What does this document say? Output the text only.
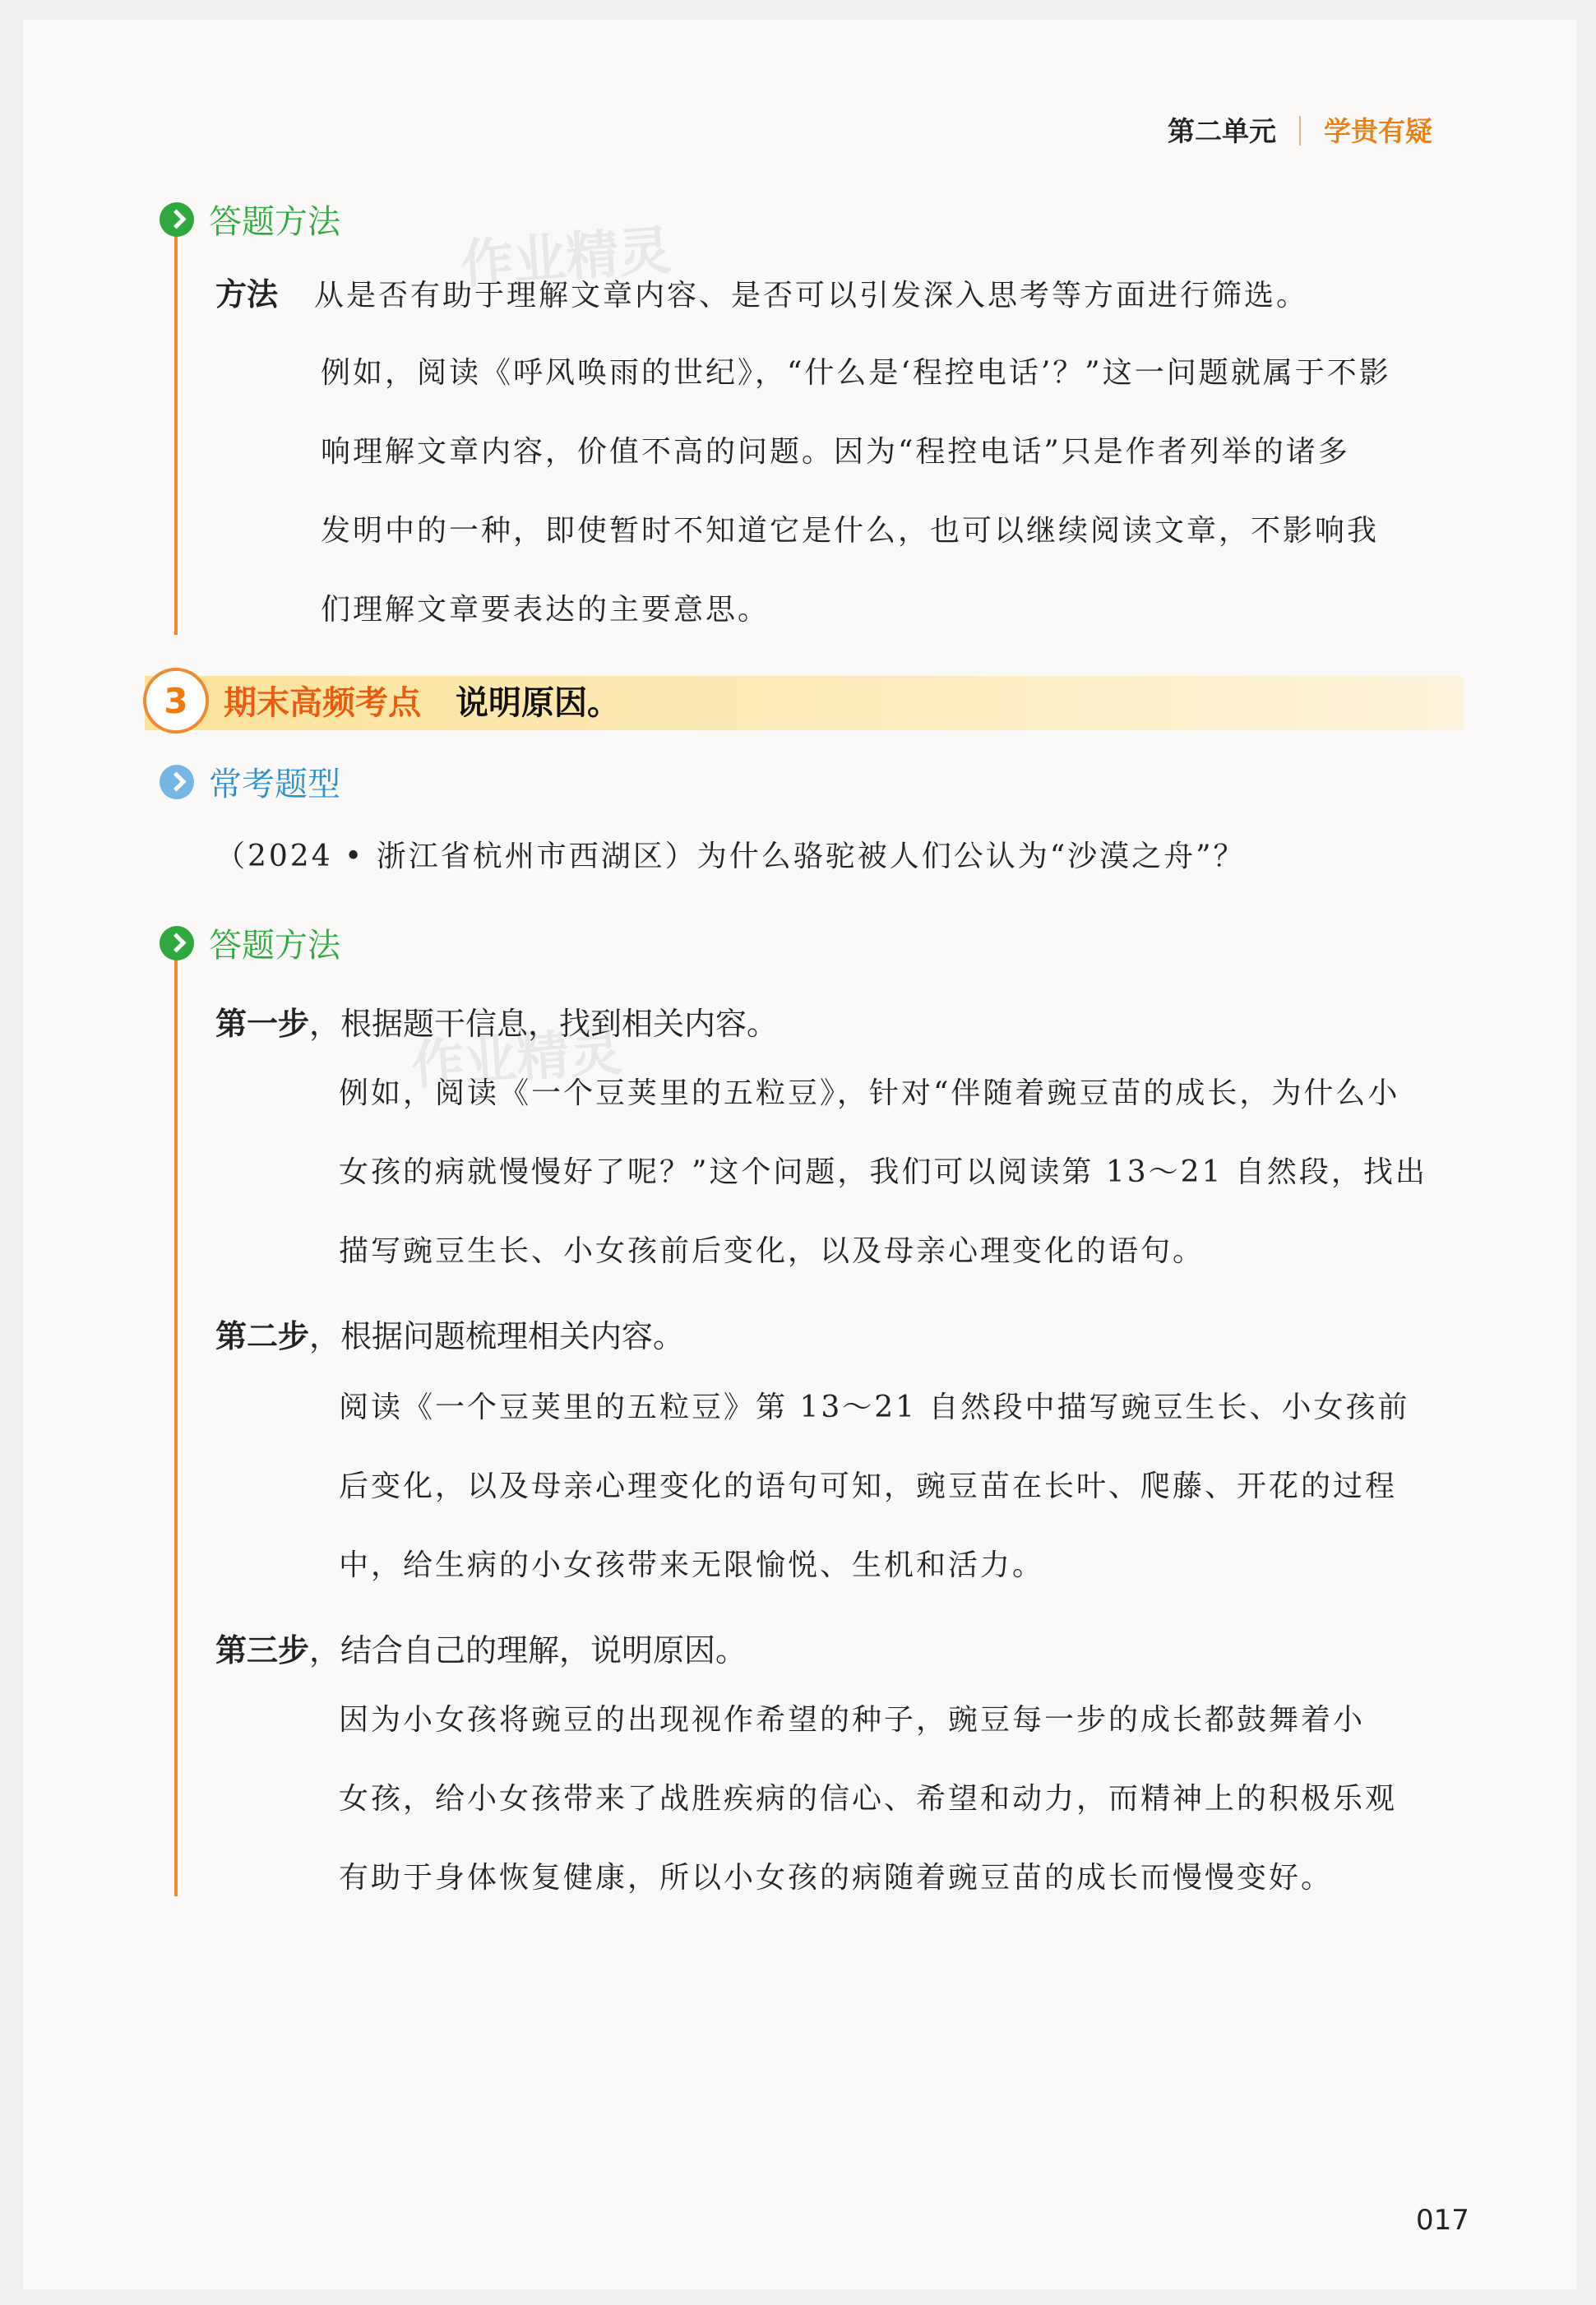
第二单元 学贵有疑
答题方法 作业精灵

方法 从是否有助于理解文章内容、是否可以引发深入思考等方面进行筛选。

例如，阅读《呼风唤雨的世纪》，“什么是‘程控电话’？”这一问题就属于不影

响理解文章内容，价值不高的问题。因为“程控电话”只是作者列举的诸多

发明中的一种，即使暂时不知道它是什么，也可以继续阅读文章，不影响我

们理解文章要表达的主要意思。

3	期末高频考点 说明原因。
常考题型

（2024 • 浙江省杭州市西湖区）为什么骆驼被人们公认为“沙漠之舟”？

答题方法
第一步，根据题干信息，找到相关内容。
作业精灵

例如，阅读《一个豆荚里的五粒豆》，针对“伴随着豌豆苗的成长，为什么小

女孩的病就慢慢好了呢？”这个问题，我们可以阅读第 13～21 自然段，找出

描写豌豆生长、小女孩前后变化，以及母亲心理变化的语句。

第二步，根据问题梳理相关内容。

阅读《一个豆荚里的五粒豆》第 13～21 自然段中描写豌豆生长、小女孩前

后变化，以及母亲心理变化的语句可知，豌豆苗在长叶、爬藤、开花的过程

中，给生病的小女孩带来无限愉悦、生机和活力。

第三步，结合自己的理解，说明原因。

因为小女孩将豌豆的出现视作希望的种子，豌豆每一步的成长都鼓舞着小

女孩，给小女孩带来了战胜疾病的信心、希望和动力，而精神上的积极乐观

有助于身体恢复健康，所以小女孩的病随着豌豆苗的成长而慢慢变好。

017
